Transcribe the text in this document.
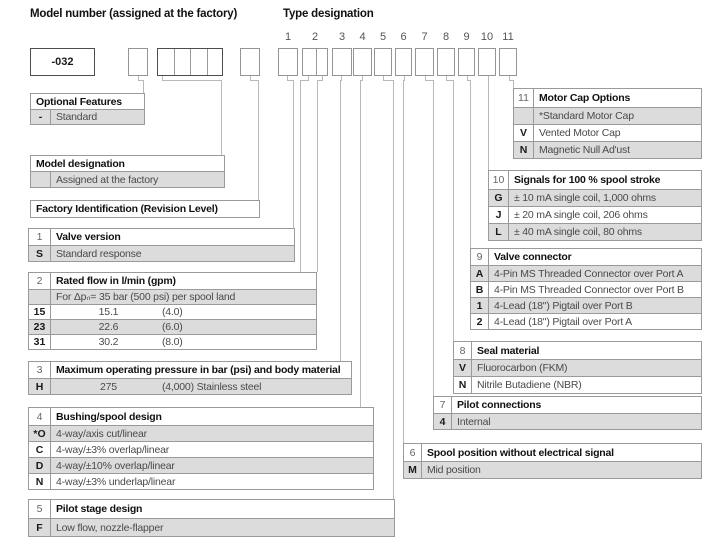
Model number (assigned at the factory)	Type designation
-032
1	2	3	4	5	6	7	8	9	10 11
Optional Features
-	Standard
Model designation
Assigned at the factory
Factory Identification (Revision Level)
1	Valve version
S	Standard response
2	Rated flow in l/min (gpm)
For Δpₙ= 35 bar (500 psi) per spool land
15	15.1	(4.0)
23	22.6	(6.0)
31	30.2	(8.0)
3	Maximum operating pressure in bar (psi) and body material
H	275	(4,000) Stainless steel
4	Bushing/spool design
*O 4-way/axis cut/linear
C	4-way/±3% overlap/linear
D	4-way/±10% overlap/linear
N	4-way/±3% underlap/linear
5	Pilot stage design
F	Low flow, nozzle-flapper
6	Spool position without electrical signal
M Mid position
7	Pilot connections
4	Internal
8	Seal material
V	Fluorocarbon (FKM)
N	Nitrile Butadiene (NBR)
9	Valve connector
A	4-Pin MS Threaded Connector over Port A
B	4-Pin MS Threaded Connector over Port B
1	4-Lead (18") Pigtail over Port B
2	4-Lead (18") Pigtail over Port A
10 Signals for 100 % spool stroke
G	± 10 mA single coil, 1,000 ohms
J	± 20 mA single coil, 206 ohms
L	± 40 mA single coil, 80 ohms
11 Motor Cap Options
*Standard Motor Cap
V	Vented Motor Cap
N	Magnetic Null Ad'ust
